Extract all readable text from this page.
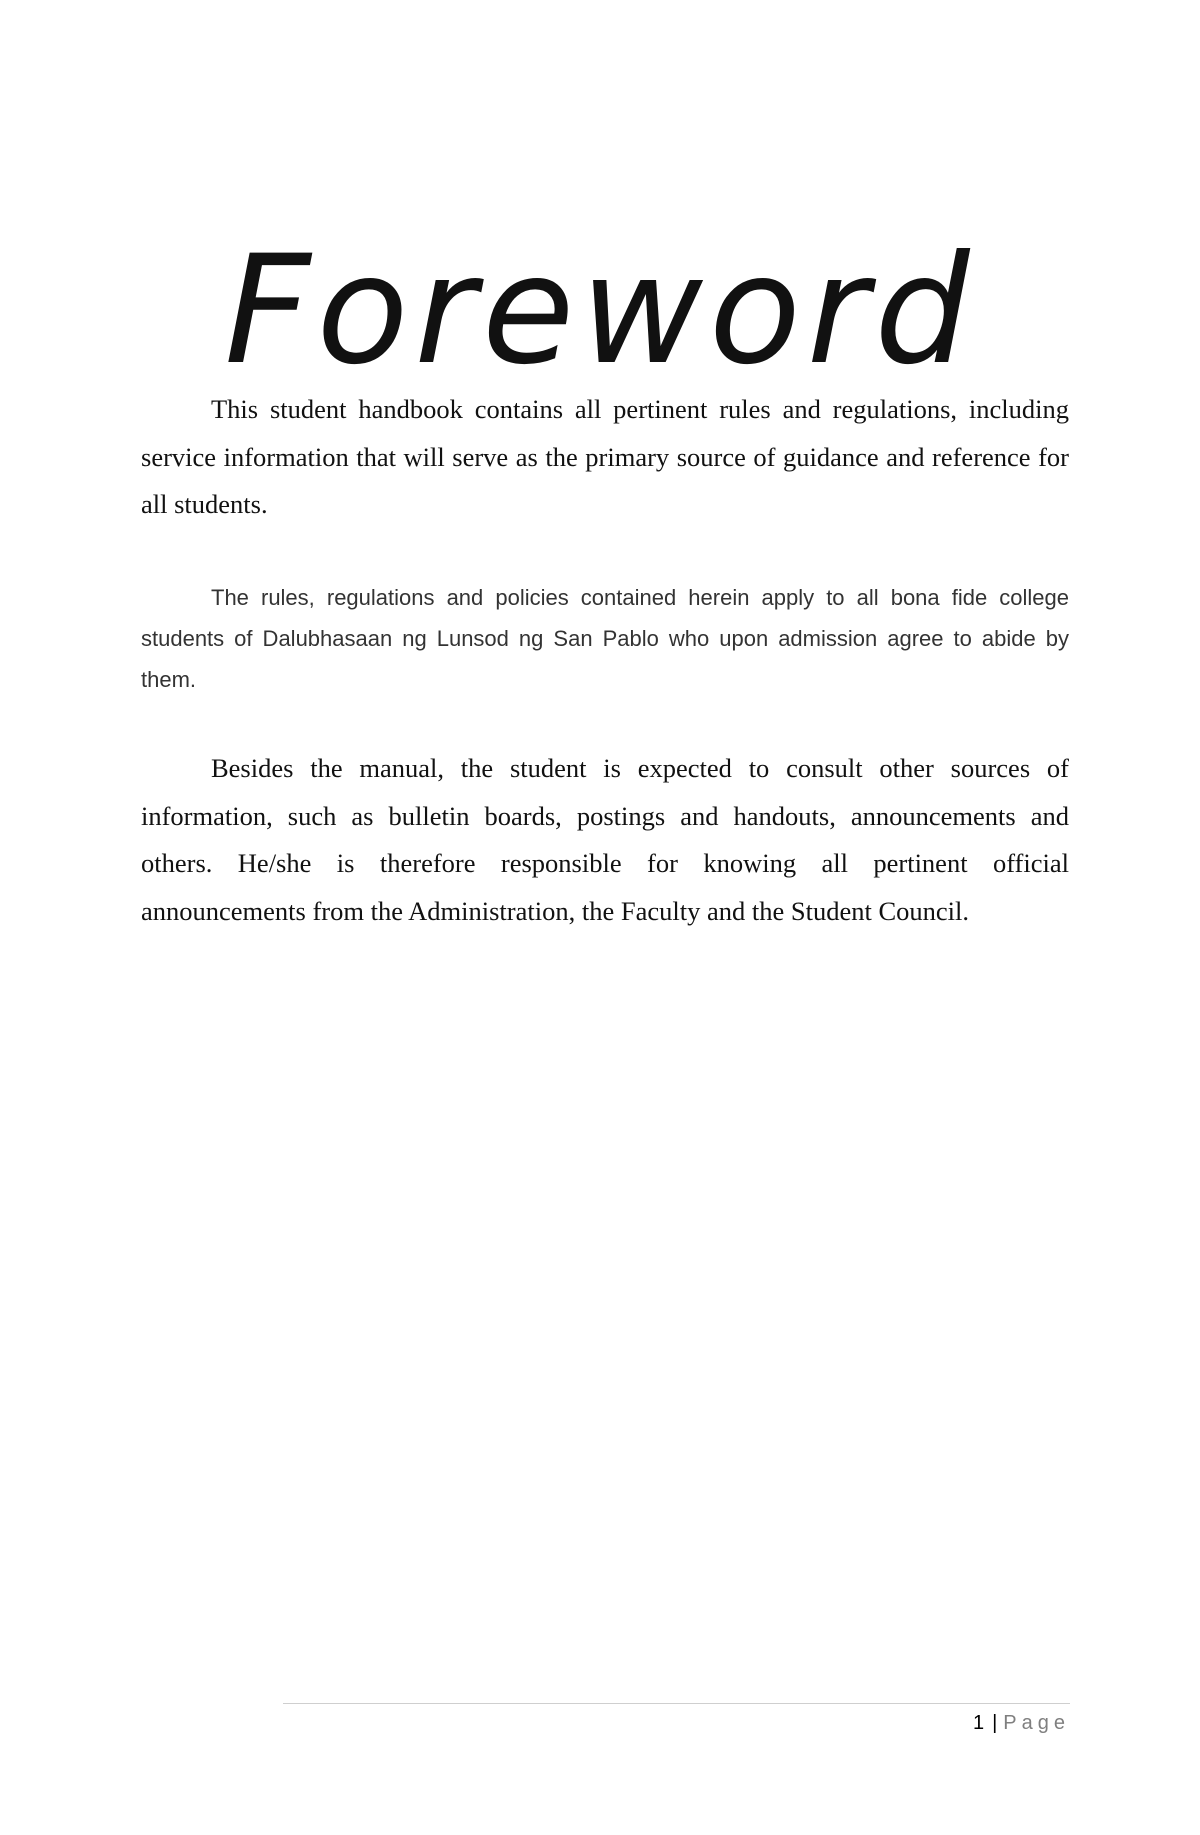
Foreword

This student handbook contains all pertinent rules and regulations, including service information that will serve as the primary source of guidance and reference for all students.

The rules, regulations and policies contained herein apply to all bona fide college students of Dalubhasaan ng Lunsod ng San Pablo who upon admission agree to abide by them.

Besides the manual, the student is expected to consult other sources of information, such as bulletin boards, postings and handouts, announcements and others. He/she is therefore responsible for knowing all pertinent official announcements from the Administration, the Faculty and the Student Council.

1 | Page
